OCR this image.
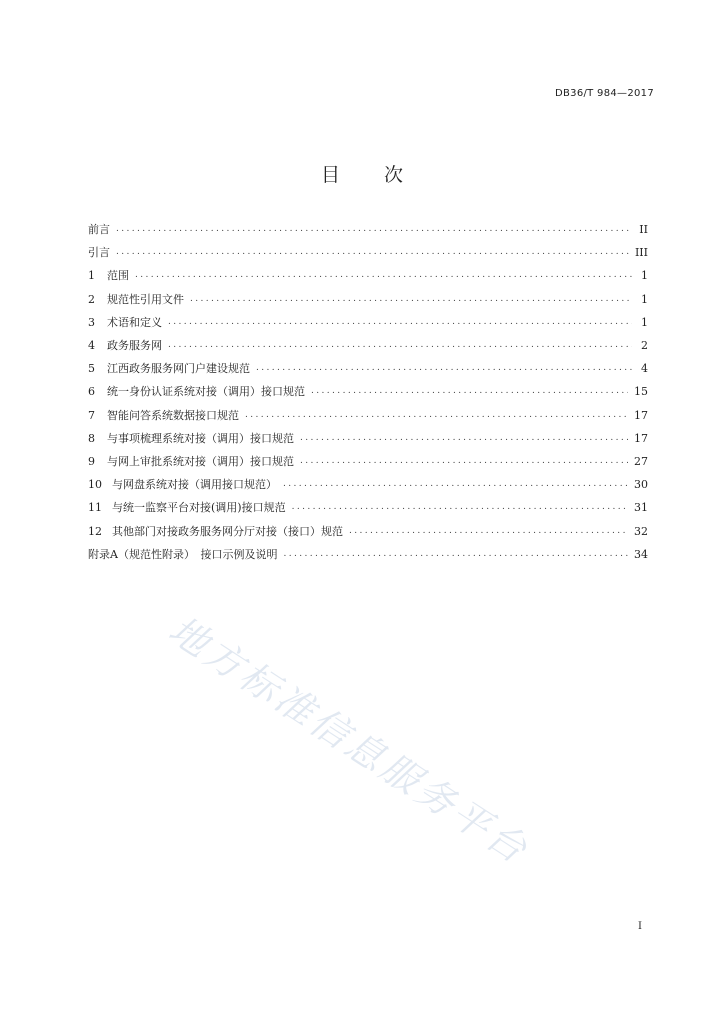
DB36/T 984—2017
目 次
前言 .....	II
引言 .....	III
1	范围 .....	1
2	规范性引用文件 .....	1
3	术语和定义 .....	1
4	政务服务网 .....	2
5	江西政务服务网门户建设规范 .....	4
6	统一身份认证系统对接（调用）接口规范 .....	15
7	智能问答系统数据接口规范 .....	17
8	与事项梳理系统对接（调用）接口规范 .....	17
9	与网上审批系统对接（调用）接口规范 .....	27
10 与网盘系统对接（调用接口规范） .....	30
11 与统一监察平台对接(调用)接口规范 .....	31
12 其他部门对接政务服务网分厅对接（接口）规范 .....	32
附录A（规范性附录）　接口示例及说明 .....	34
地方标准信息服务平台
I
